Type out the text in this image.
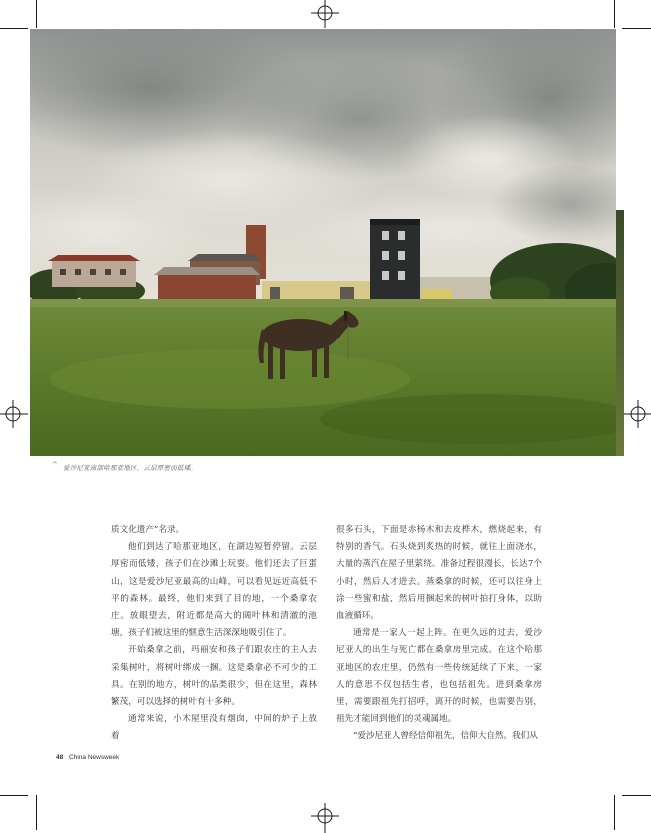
^ 爱沙尼亚南部哈那亚地区，云层厚密而低矮。

质文化遗产”名录。

他们到达了哈那亚地区，在湖边短暂停留。云层厚密而低矮，孩子们在沙滩上玩耍。他们还去了巨蛋山，这是爱沙尼亚最高的山峰，可以看见远近高低不平的森林。最终，他们来到了目的地，一个桑拿农庄。放眼望去，附近都是高大的阔叶林和清澈的池塘，孩子们被这里的惬意生活深深地吸引住了。

开始桑拿之前，玛丽安和孩子们跟农庄的主人去采集树叶，将树叶绑成一捆。这是桑拿必不可少的工具。在别的地方，树叶的品类很少，但在这里，森林繁茂，可以选择的树叶有十多种。

通常来说，小木屋里没有烟囱，中间的炉子上放着

很多石头，下面是赤杨木和去皮桦木，燃烧起来，有特别的香气。石头烧到炙热的时候，就往上面浇水，大量的蒸汽在屋子里萦绕。准备过程很漫长，长达7个小时，然后人才进去。蒸桑拿的时候，还可以往身上涂一些蜜和盐，然后用捆起来的树叶拍打身体，以助血液循环。

通常是一家人一起上阵。在更久远的过去，爱沙尼亚人的出生与死亡都在桑拿房里完成。在这个哈那亚地区的农庄里，仍然有一些传统延续了下来，一家人的意思不仅包括生者，也包括祖先。进到桑拿房里，需要跟祖先打招呼，离开的时候，也需要告别，祖先才能回到他们的灵魂属地。

“爱沙尼亚人曾经信仰祖先，信仰大自然。我们从

48 China Newsweek
